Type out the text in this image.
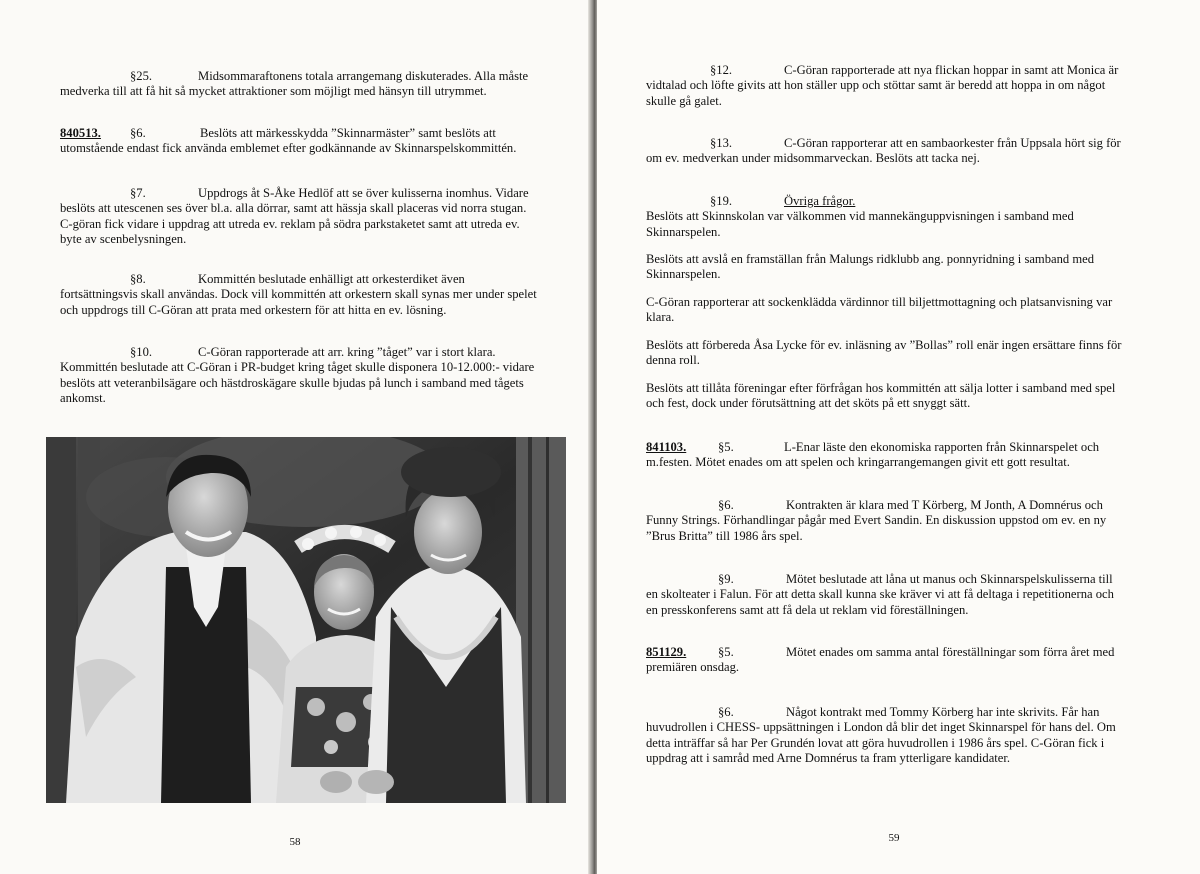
§25.	Midsommaraftonens totala arrangemang diskuterades. Alla måste medverka till att få hit så mycket attraktioner som möjligt med hänsyn till utrymmet.

840513. §6.	Beslöts att märkesskydda ”Skinnarmäster” samt beslöts att utomstående endast fick använda emblemet efter godkännande av Skinnarspelskommittén.

§7.	Uppdrogs åt S-Åke Hedlöf att se över kulisserna inomhus. Vidare beslöts att utescenen ses över bl.a. alla dörrar, samt att hässja skall placeras vid norra stugan. C-göran fick vidare i uppdrag att utreda ev. reklam på södra parkstaketet samt att utreda ev. byte av scenbelysningen.

§8.	Kommittén beslutade enhälligt att orkesterdiket även fortsättningsvis skall användas. Dock vill kommittén att orkestern skall synas mer under spelet och uppdrogs till C-Göran att prata med orkestern för att hitta en ev. lösning.

§10.	C-Göran rapporterade att arr. kring ”tåget” var i stort klara. Kommittén beslutade att C-Göran i PR-budget kring tåget skulle disponera 10-12.000:- vidare beslöts att veteranbilsägare och hästdroskägare skulle bjudas på lunch i samband med tågets ankomst.

58

§12.	C-Göran rapporterade att nya flickan hoppar in samt att Monica är vidtalad och löfte givits att hon ställer upp och stöttar samt är beredd att hoppa in om något skulle gå galet.

§13.	C-Göran rapporterar att en sambaorkester från Uppsala hört sig för om ev. medverkan under midsommarveckan. Beslöts att tacka nej.

§19.	Övriga frågor.
Beslöts att Skinnskolan var välkommen vid mannekänguppvisningen i samband med Skinnarspelen.

Beslöts att avslå en framställan från Malungs ridklubb ang. ponnyridning i samband med Skinnarspelen.

C-Göran rapporterar att sockenklädda värdinnor till biljettmottagning och platsanvisning var klara.

Beslöts att förbereda Åsa Lycke för ev. inläsning av ”Bollas” roll enär ingen ersättare finns för denna roll.

Beslöts att tillåta föreningar efter förfrågan hos kommittén att sälja lotter i samband med spel och fest, dock under förutsättning att det sköts på ett snyggt sätt.

841103.	§5.	L-Enar läste den ekonomiska rapporten från Skinnarspelet och m.festen. Mötet enades om att spelen och kringarrangemangen givit ett gott resultat.

§6.	Kontrakten är klara med T Körberg, M Jonth, A Domnérus och Funny Strings. Förhandlingar pågår med Evert Sandin. En diskussion uppstod om ev. en ny ”Brus Britta” till 1986 års spel.

§9.	Mötet beslutade att låna ut manus och Skinnarspelskulisserna till en skolteater i Falun. För att detta skall kunna ske kräver vi att få deltaga i repetitionerna och en presskonferens samt att få dela ut reklam vid föreställningen.

851129.	§5.	Mötet enades om samma antal föreställningar som förra året med premiären onsdag.

§6.	Något kontrakt med Tommy Körberg har inte skrivits. Får han huvudrollen i CHESS- uppsättningen i London då blir det inget Skinnarspel för hans del. Om detta inträffar så har Per Grundén lovat att göra huvudrollen i 1986 års spel. C-Göran fick i uppdrag att i samråd med Arne Domnérus ta fram ytterligare kandidater.

59
